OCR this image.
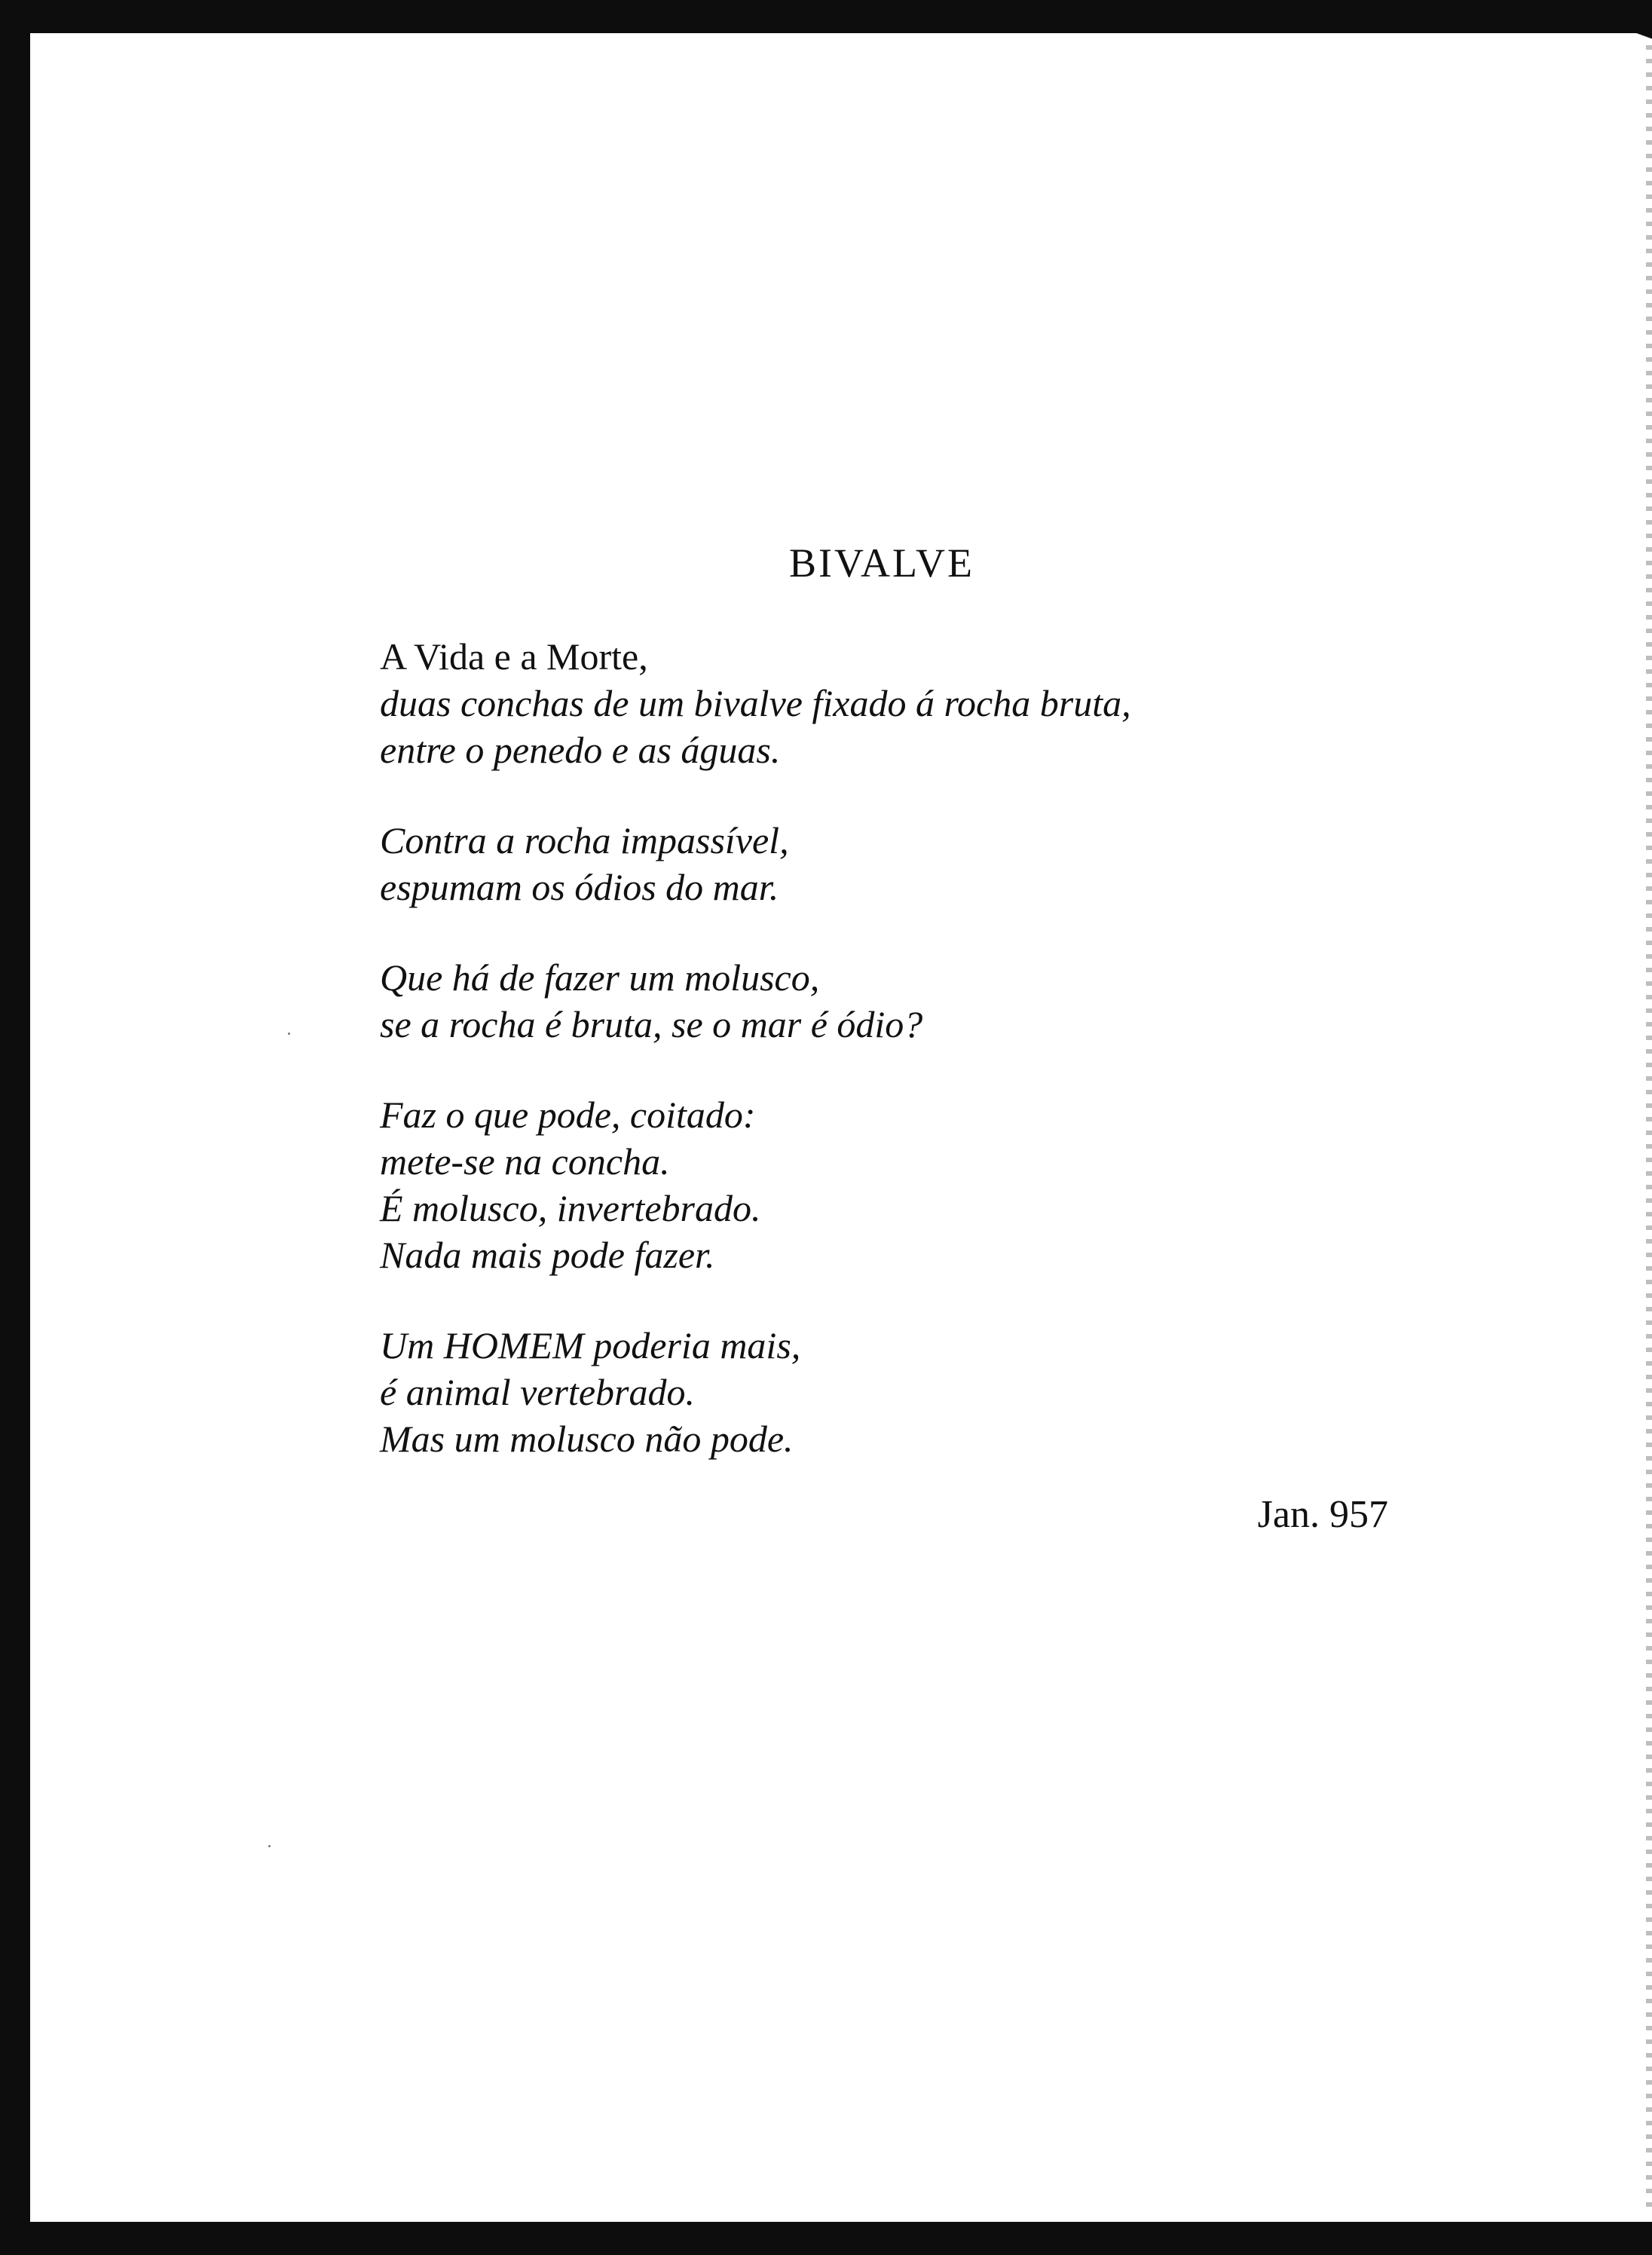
BIVALVE
A Vida e a Morte,
duas conchas de um bivalve fixado á rocha bruta,
entre o penedo e as águas.
Contra a rocha impassível,
espumam os ódios do mar.
Que há de fazer um molusco,
se a rocha é bruta, se o mar é ódio?
Faz o que pode, coitado:
mete-se na concha.
É molusco, invertebrado.
Nada mais pode fazer.
Um HOMEM poderia mais,
é animal vertebrado.
Mas um molusco não pode.
Jan. 957
